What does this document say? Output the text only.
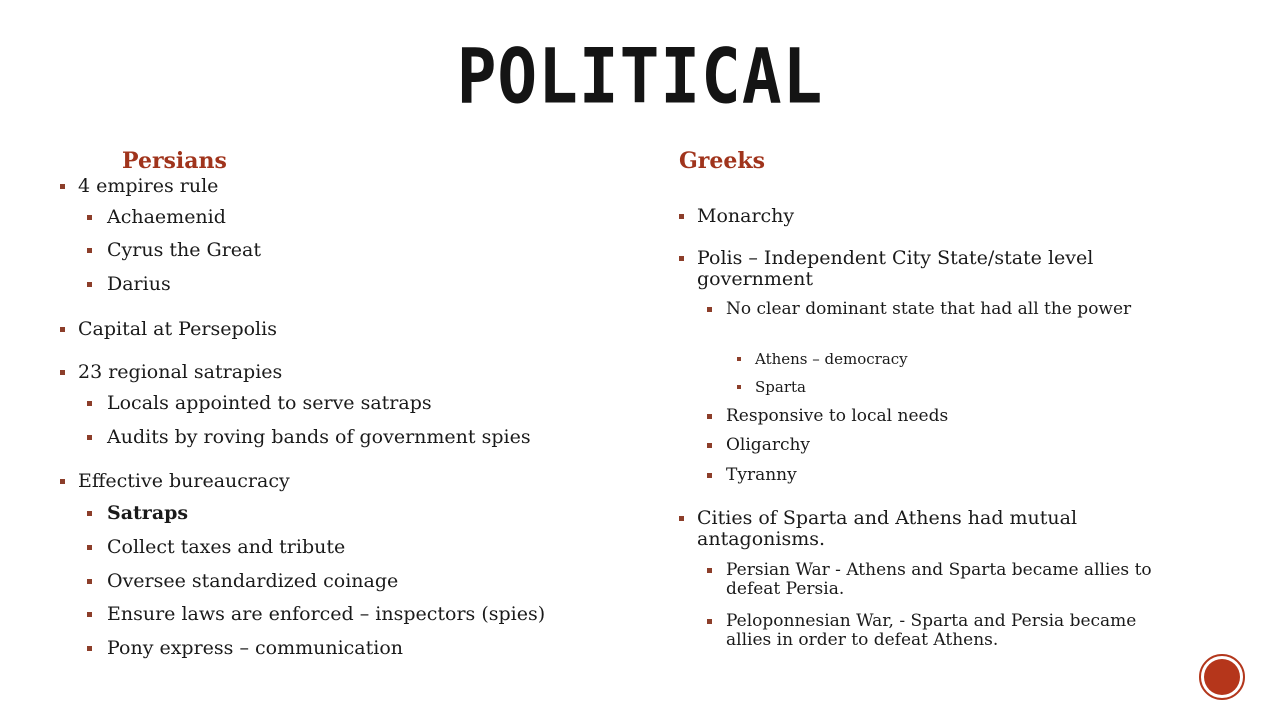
POLITICAL
Persians
4 empires rule
Achaemenid
Cyrus the Great
Darius
Capital at Persepolis
23 regional satrapies
Locals appointed to serve satraps
Audits by roving bands of government spies
Effective bureaucracy
Satraps
Collect taxes and tribute
Oversee standardized coinage
Ensure laws are enforced – inspectors (spies)
Pony express – communication
Greeks
Monarchy
Polis – Independent City State/state level government
No clear dominant state that had all the power
Athens – democracy
Sparta
Responsive to local needs
Oligarchy
Tyranny
Cities of Sparta and Athens had mutual antagonisms.
Persian War - Athens and Sparta became allies to defeat Persia.
Peloponnesian War, - Sparta and Persia became allies in order to defeat Athens.
